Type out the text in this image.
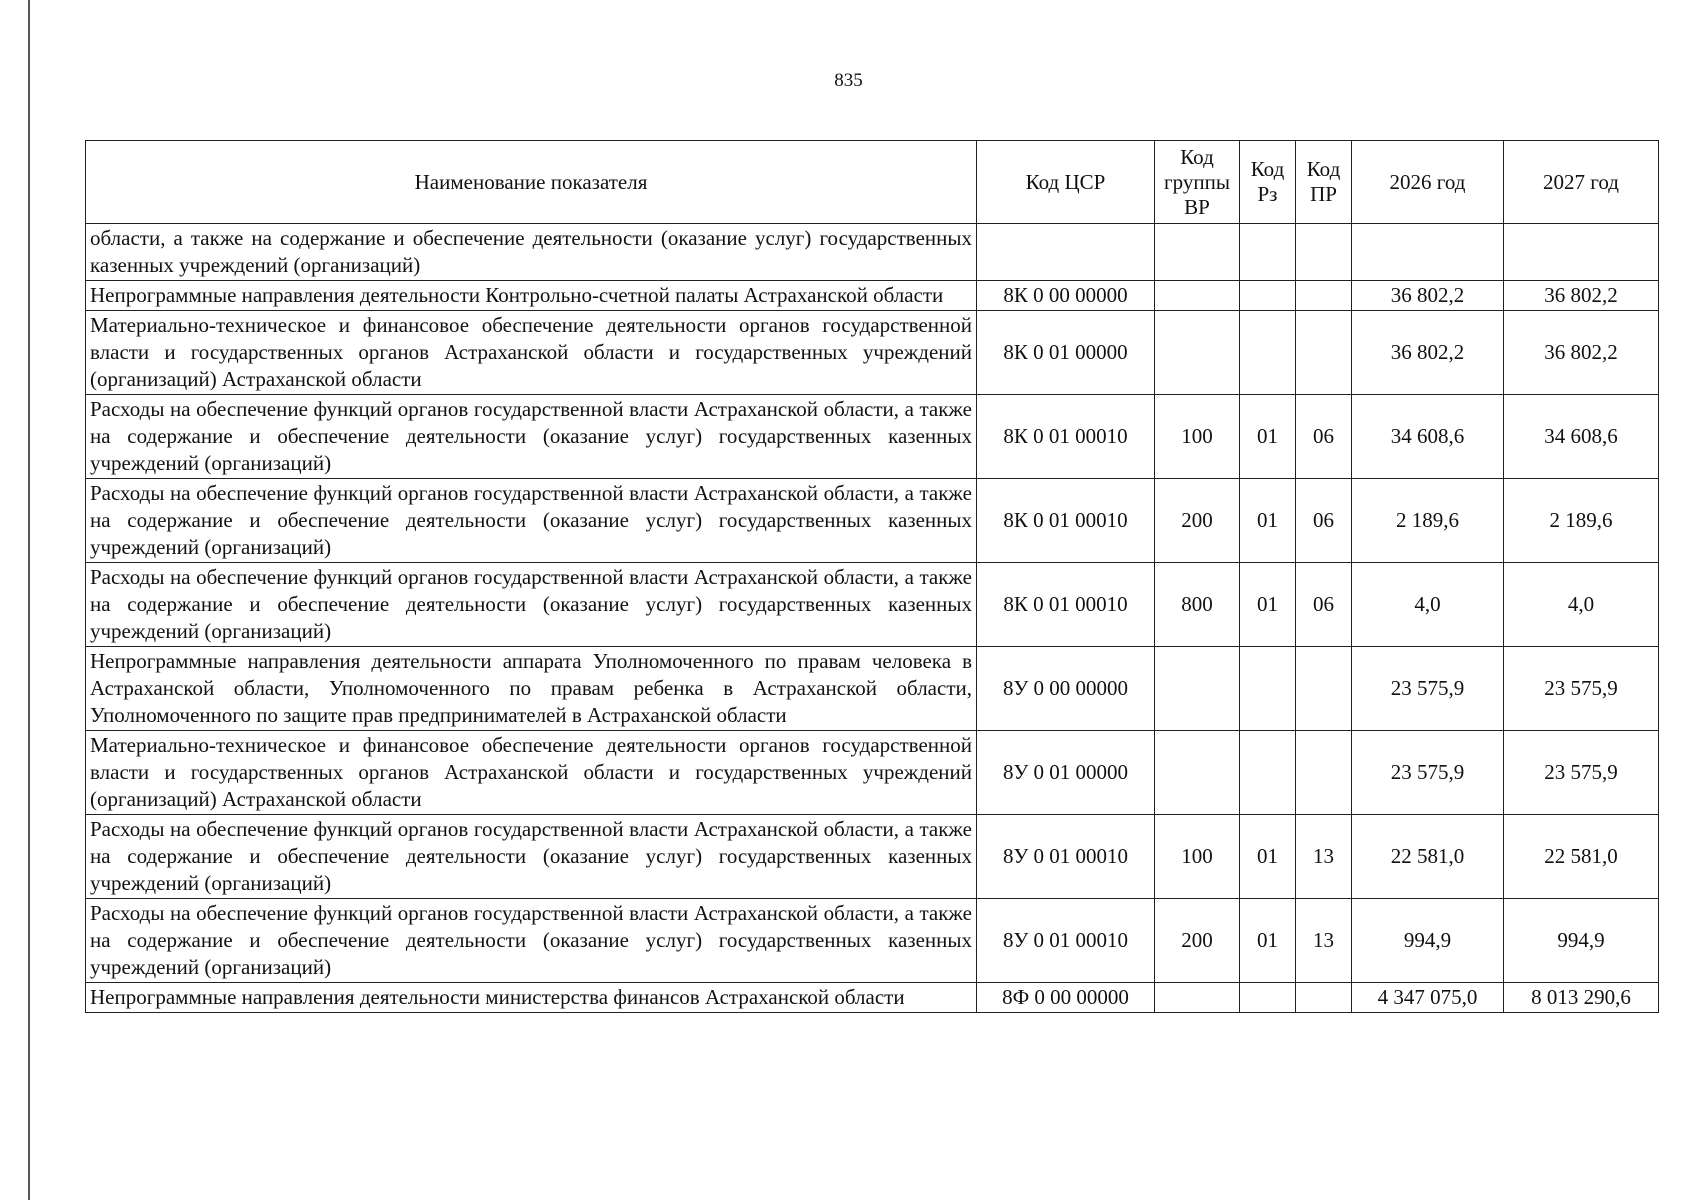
835
Наименование показателя	Код ЦСР	Код группы ВР	Код Рз	Код ПР	2026 год	2027 год
области, а также на содержание и обеспечение деятельности (оказание услуг) государственных казенных учреждений (организаций)						
Непрограммные направления деятельности Контрольно-счетной палаты Астраханской области	8К 0 00 00000				36 802,2	36 802,2
Материально-техническое и финансовое обеспечение деятельности органов государственной власти и государственных органов Астраханской области и государственных учреждений (организаций) Астраханской области	8К 0 01 00000				36 802,2	36 802,2
Расходы на обеспечение функций органов государственной власти Астраханской области, а также на содержание и обеспечение деятельности (оказание услуг) государственных казенных учреждений (организаций)	8К 0 01 00010	100	01	06	34 608,6	34 608,6
Расходы на обеспечение функций органов государственной власти Астраханской области, а также на содержание и обеспечение деятельности (оказание услуг) государственных казенных учреждений (организаций)	8К 0 01 00010	200	01	06	2 189,6	2 189,6
Расходы на обеспечение функций органов государственной власти Астраханской области, а также на содержание и обеспечение деятельности (оказание услуг) государственных казенных учреждений (организаций)	8К 0 01 00010	800	01	06	4,0	4,0
Непрограммные направления деятельности аппарата Уполномоченного по правам человека в Астраханской области, Уполномоченного по правам ребенка в Астраханской области, Уполномоченного по защите прав предпринимателей в Астраханской области	8У 0 00 00000				23 575,9	23 575,9
Материально-техническое и финансовое обеспечение деятельности органов государственной власти и государственных органов Астраханской области и государственных учреждений (организаций) Астраханской области	8У 0 01 00000				23 575,9	23 575,9
Расходы на обеспечение функций органов государственной власти Астраханской области, а также на содержание и обеспечение деятельности (оказание услуг) государственных казенных учреждений (организаций)	8У 0 01 00010	100	01	13	22 581,0	22 581,0
Расходы на обеспечение функций органов государственной власти Астраханской области, а также на содержание и обеспечение деятельности (оказание услуг) государственных казенных учреждений (организаций)	8У 0 01 00010	200	01	13	994,9	994,9
Непрограммные направления деятельности министерства финансов Астраханской области	8Ф 0 00 00000				4 347 075,0	8 013 290,6
